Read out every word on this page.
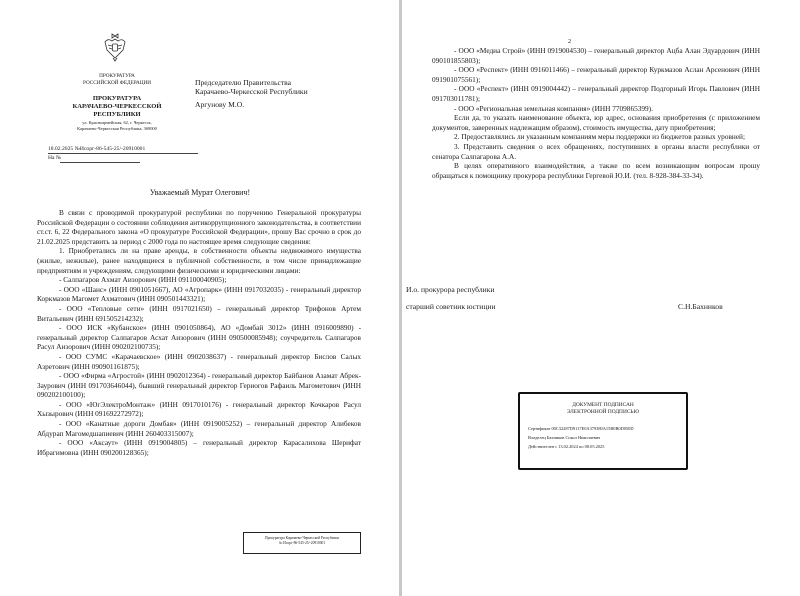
ПРОКУРАТУРА
РОССИЙСКОЙ ФЕДЕРАЦИИ
ПРОКУРАТУРА
КАРАЧАЕВО-ЧЕРКЕССКОЙ
РЕСПУБЛИКИ
ул. Красноармейская, 62, г. Черкесск,
Карачаево-Черкесская Республика, 369000
18.02.2025 №Исорг-86-545-25/-20910001
На №
Председателю Правительства
Карачаево-Черкесской Республики
Аргунову М.О.
Уважаемый Мурат Олегович!

В связи с проводимой прокуратурой республики по поручению Генеральной прокуратуры Российской Федерации о состоянии соблюдения антикоррупционного законодательства, в соответствии ст.ст. 6, 22 Федерального закона «О прокуратуре Российской Федерации», прошу Вас срочно в срок до 21.02.2025 представить за период с 2000 года по настоящее время следующие сведения:

1. Приобретались ли на праве аренды, в собственности объекты недвижимого имущества (жилые, нежилые), ранее находящиеся в публичной собственности, в том числе принадлежащие предприятиям и учреждениям, следующими физическими и юридическими лицами:

- Салпагаров Ахмат Аизорович (ИНН 091100040905);

- ООО «Шанс» (ИНН 0901051667), АО «Агропарк» (ИНН 0917032035) - генеральный директор Коркмазов Магомет Ахматович (ИНН 090501443321);

- ООО «Тепловые сети» (ИНН 0917021650) – генеральный директор Трифонов Артем Витальевич (ИНН 691505214232);

- ООО ИСК «Кубанское» (ИНН 0901050864), АО «Домбай 3012» (ИНН 0916009890) - генеральный директор Салпагаров Асхат Аизорович (ИНН 090500085948); соучредитель Салпагаров Расул Аизорович (ИНН 090202100735);

- ООО СУМС «Карачаевское» (ИНН 0902038637) - генеральный директор Бислов Салых Азретович (ИНН 090901161875);

- ООО «Фирма «Агростой» (ИНН 0902012364) - генеральный директор Байбанов Азамат Абрек-Заурович (ИНН 091703646044), бывший генеральный директор Гериогов Рафаиль Магометович (ИНН 090202100100);

- ООО «ЮгЭлектроМонтаж» (ИНН 0917010176) - генеральный директор Кочкаров Расул Хызырович (ИНН 091692272972);

- ООО «Канатные дороги Домбая» (ИНН 0919005252) – генеральный директор Алибеков Абдурап Магомедшапиевич (ИНН 260403315007);

- ООО «Аксаут» (ИНН 0919004805) – генеральный директор Карасалихова Шерифат Ибрагимовна (ИНН 090200128365);

Прокуратура Карачаево-Черкесской Республики
№ Исорг-86-545-25/-20910001
2

- ООО «Медиа Строй» (ИНН 0919004530) – генеральный директор Ацба Алан Эдуардович (ИНН 090101855803);

- ООО «Респект» (ИНН 0916011466) – генеральный директор Куркмазов Аслан Арсенович (ИНН 091901075561);

- ООО «Респект» (ИНН 0919004442) – генеральный директор Подгорный Игорь Павлович (ИНН 091703011781);

- ООО «Региональная земельная компания» (ИНН 7709865399).

Если да, то указать наименование объекта, юр адрес, основания приобретения (с приложением документов, заверенных надлежащим образом), стоимость имущества, дату приобретения;

2. Предоставлялись ли указанным компаниям меры поддержки из бюджетов разных уровней;

3. Представить сведения о всех обращениях, поступивших в органы власти республики от сенатора Салпагарова А.А.

В целях оперативного взаимодействия, а также по всем возникающим вопросам прошу обращаться к помощнику прокурора республики Гергевой Ю.И. (тел. 8-928-384-33-34).

И.о. прокурора республики
старший советник юстиции	С.Н.Бахников
ДОКУМЕНТ ПОДПИСАН
ЭЛЕКТРОННОЙ ПОДПИСЬЮ
Сертификат 00C32287D9117E0A379380A15B0B0D050D
Владелец Бахников Сокол Николаевич
Действителен с 13.02.2024 по 08.05.2025
